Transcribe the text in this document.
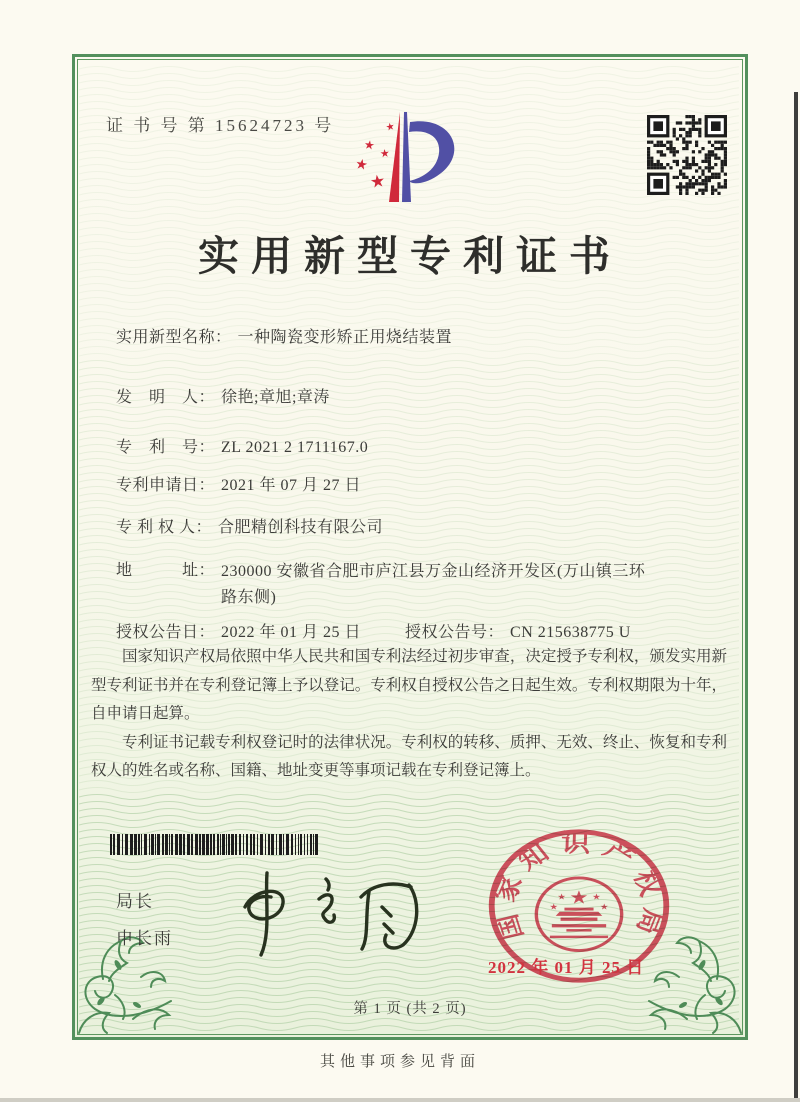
证 书 号 第 15624723 号	★
★
★
★
★
实用新型专利证书
实用新型名称： 一种陶瓷变形矫正用烧结装置
发　明　人： 徐艳;章旭;章涛
专　利　号： ZL 2021 2 1711167.0
专利申请日： 2021 年 07 月 27 日
专 利 权 人： 合肥精创科技有限公司
地　　　址： 230000 安徽省合肥市庐江县万金山经济开发区(万山镇三环路东侧)
授权公告日： 2022 年 01 月 25 日	授权公告号： CN 215638775 U

国家知识产权局依照中华人民共和国专利法经过初步审查，决定授予专利权，颁发实用新型专利证书并在专利登记簿上予以登记。专利权自授权公告之日起生效。专利权期限为十年，自申请日起算。

专利证书记载专利权登记时的法律状况。专利权的转移、质押、无效、终止、恢复和专利权人的姓名或名称、国籍、地址变更等事项记载在专利登记簿上。

局长
申长雨
第 1 页 (共 2 页)
国家知识产权局
★
★	★
★	★
2022 年 01 月 25 日
其他事项参见背面
